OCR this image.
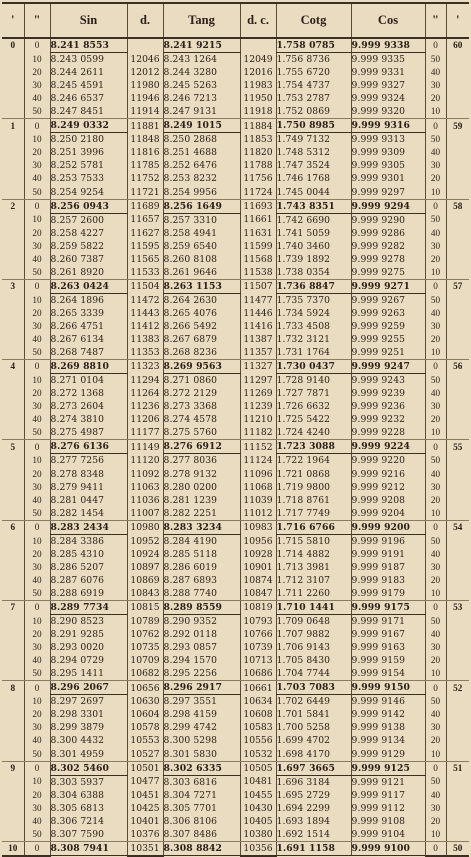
'	"	Sin	d.	Tang	d. c.	Cotg	Cos	"	'
0	0	8.241 8553		8.241 9215		1.758 0785	9.999 9338	0	60
	10	8.243 0599	12046	8.243 1264	12049	1.756 8736	9.999 9335	50	
	20	8.244 2611	12012	8.244 3280	12016	1.755 6720	9.999 9331	40	
	30	8.245 4591	11980	8.245 5263	11983	1.754 4737	9.999 9327	30	
	40	8.246 6537	11946	8.246 7213	11950	1.753 2787	9.999 9324	20	
	50	8.247 8451	11914	8.247 9131	11918	1.752 0869	9.999 9320	10	
1	0	8.249 0332	11881	8.249 1015	11884	1.750 8985	9.999 9316	0	59
	10	8.250 2180	11848	8.250 2868	11853	1.749 7132	9.999 9313	50	
	20	8.251 3996	11816	8.251 4688	11820	1.748 5312	9.999 9309	40	
	30	8.252 5781	11785	8.252 6476	11788	1.747 3524	9.999 9305	30	
	40	8.253 7533	11752	8.253 8232	11756	1.746 1768	9.999 9301	20	
	50	8.254 9254	11721	8.254 9956	11724	1.745 0044	9.999 9297	10	
2	0	8.256 0943	11689	8.256 1649	11693	1.743 8351	9.999 9294	0	58
	10	8.257 2600	11657	8.257 3310	11661	1.742 6690	9.999 9290	50	
	20	8.258 4227	11627	8.258 4941	11631	1.741 5059	9.999 9286	40	
	30	8.259 5822	11595	8.259 6540	11599	1.740 3460	9.999 9282	30	
	40	8.260 7387	11565	8.260 8108	11568	1.739 1892	9.999 9278	20	
	50	8.261 8920	11533	8.261 9646	11538	1.738 0354	9.999 9275	10	
3	0	8.263 0424	11504	8.263 1153	11507	1.736 8847	9.999 9271	0	57
	10	8.264 1896	11472	8.264 2630	11477	1.735 7370	9.999 9267	50	
	20	8.265 3339	11443	8.265 4076	11446	1.734 5924	9.999 9263	40	
	30	8.266 4751	11412	8.266 5492	11416	1.733 4508	9.999 9259	30	
	40	8.267 6134	11383	8.267 6879	11387	1.732 3121	9.999 9255	20	
	50	8.268 7487	11353	8.268 8236	11357	1.731 1764	9.999 9251	10	
4	0	8.269 8810	11323	8.269 9563	11327	1.730 0437	9.999 9247	0	56
	10	8.271 0104	11294	8.271 0860	11297	1.728 9140	9.999 9243	50	
	20	8.272 1368	11264	8.272 2129	11269	1.727 7871	9.999 9239	40	
	30	8.273 2604	11236	8.273 3368	11239	1.726 6632	9.999 9236	30	
	40	8.274 3810	11206	8.274 4578	11210	1.725 5422	9.999 9232	20	
	50	8.275 4987	11177	8.275 5760	11182	1.724 4240	9.999 9228	10	
5	0	8.276 6136	11149	8.276 6912	11152	1.723 3088	9.999 9224	0	55
	10	8.277 7256	11120	8.277 8036	11124	1.722 1964	9.999 9220	50	
	20	8.278 8348	11092	8.278 9132	11096	1.721 0868	9.999 9216	40	
	30	8.279 9411	11063	8.280 0200	11068	1.719 9800	9.999 9212	30	
	40	8.281 0447	11036	8.281 1239	11039	1.718 8761	9.999 9208	20	
	50	8.282 1454	11007	8.282 2251	11012	1.717 7749	9.999 9204	10	
6	0	8.283 2434	10980	8.283 3234	10983	1.716 6766	9.999 9200	0	54
	10	8.284 3386	10952	8.284 4190	10956	1.715 5810	9.999 9196	50	
	20	8.285 4310	10924	8.285 5118	10928	1.714 4882	9.999 9191	40	
	30	8.286 5207	10897	8.286 6019	10901	1.713 3981	9.999 9187	30	
	40	8.287 6076	10869	8.287 6893	10874	1.712 3107	9.999 9183	20	
	50	8.288 6919	10843	8.288 7740	10847	1.711 2260	9.999 9179	10	
7	0	8.289 7734	10815	8.289 8559	10819	1.710 1441	9.999 9175	0	53
	10	8.290 8523	10789	8.290 9352	10793	1.709 0648	9.999 9171	50	
	20	8.291 9285	10762	8.292 0118	10766	1.707 9882	9.999 9167	40	
	30	8.293 0020	10735	8.293 0857	10739	1.706 9143	9.999 9163	30	
	40	8.294 0729	10709	8.294 1570	10713	1.705 8430	9.999 9159	20	
	50	8.295 1411	10682	8.295 2256	10686	1.704 7744	9.999 9154	10	
8	0	8.296 2067	10656	8.296 2917	10661	1.703 7083	9.999 9150	0	52
	10	8.297 2697	10630	8.297 3551	10634	1.702 6449	9.999 9146	50	
	20	8.298 3301	10604	8.298 4159	10608	1.701 5841	9.999 9142	40	
	30	8.299 3879	10578	8.299 4742	10583	1.700 5258	9.999 9138	30	
	40	8.300 4432	10553	8.300 5298	10556	1.699 4702	9.999 9134	20	
	50	8.301 4959	10527	8.301 5830	10532	1.698 4170	9.999 9129	10	
9	0	8.302 5460	10501	8.302 6335	10505	1.697 3665	9.999 9125	0	51
	10	8.303 5937	10477	8.303 6816	10481	1.696 3184	9.999 9121	50	
	20	8.304 6388	10451	8.304 7271	10455	1.695 2729	9.999 9117	40	
	30	8.305 6813	10425	8.305 7701	10430	1.694 2299	9.999 9112	30	
	40	8.306 7214	10401	8.306 8106	10405	1.693 1894	9.999 9108	20	
	50	8.307 7590	10376	8.307 8486	10380	1.692 1514	9.999 9104	10	
10	0	8.308 7941	10351	8.308 8842	10356	1.691 1158	9.999 9100	0	50
